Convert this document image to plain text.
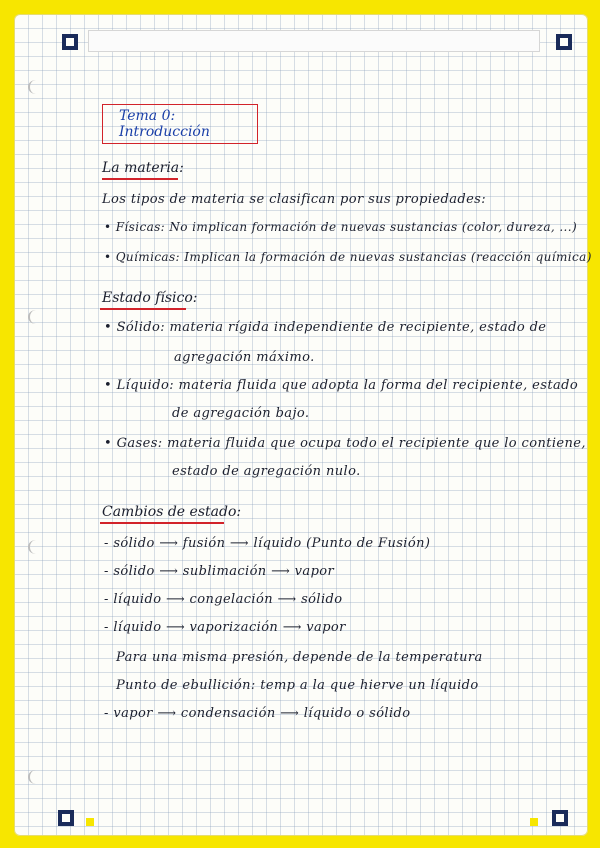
Tema 0: Introducción
La materia:
Los tipos de materia se clasifican por sus propiedades:
• Físicas: No implican formación de nuevas sustancias (color, dureza, ...)
• Químicas: Implican la formación de nuevas sustancias (reacción química)
Estado físico:
• Sólido: materia rígida independiente de recipiente, estado de
agregación máximo.
• Líquido: materia fluida que adopta la forma del recipiente, estado
de agregación bajo.
• Gases: materia fluida que ocupa todo el recipiente que lo contiene,
estado de agregación nulo.
Cambios de estado:
- sólido ⟶ fusión ⟶ líquido (Punto de Fusión)
- sólido ⟶ sublimación ⟶ vapor
- líquido ⟶ congelación ⟶ sólido
- líquido ⟶ vaporización ⟶ vapor
Para una misma presión, depende de la temperatura
Punto de ebullición: temp a la que hierve un líquido
- vapor ⟶ condensación ⟶ líquido o sólido
